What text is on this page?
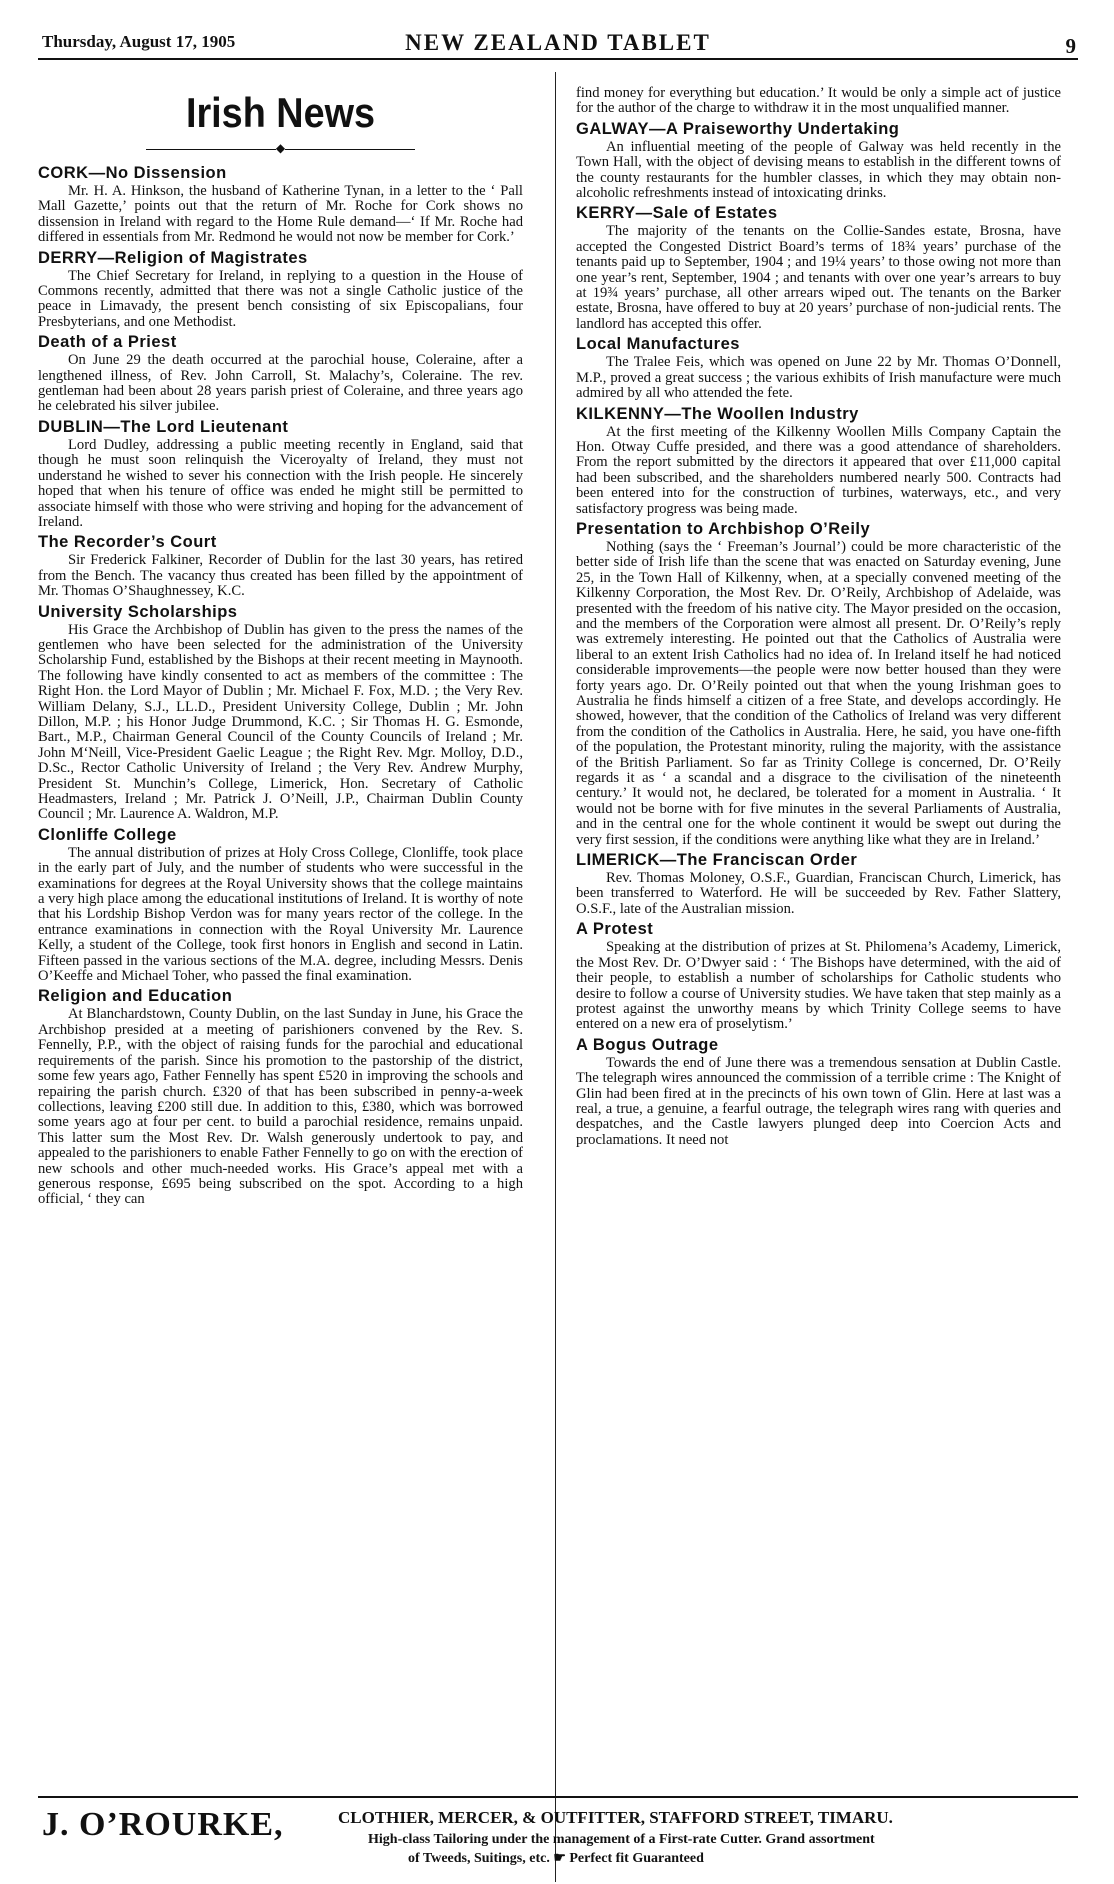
Thursday, August 17, 1905	NEW ZEALAND TABLET	9
Irish News
◆
CORK—No Dissension

Mr. H. A. Hinkson, the husband of Katherine Tynan, in a letter to the ‘ Pall Mall Gazette,’ points out that the return of Mr. Roche for Cork shows no dissension in Ireland with regard to the Home Rule demand—‘ If Mr. Roche had differed in essentials from Mr. Redmond he would not now be member for Cork.’

DERRY—Religion of Magistrates

The Chief Secretary for Ireland, in replying to a question in the House of Commons recently, admitted that there was not a single Catholic justice of the peace in Limavady, the present bench consisting of six Episcopalians, four Presbyterians, and one Methodist.

Death of a Priest

On June 29 the death occurred at the parochial house, Coleraine, after a lengthened illness, of Rev. John Carroll, St. Malachy’s, Coleraine. The rev. gentleman had been about 28 years parish priest of Coleraine, and three years ago he celebrated his silver jubilee.

DUBLIN—The Lord Lieutenant

Lord Dudley, addressing a public meeting recently in England, said that though he must soon relinquish the Viceroyalty of Ireland, they must not understand he wished to sever his connection with the Irish people. He sincerely hoped that when his tenure of office was ended he might still be permitted to associate himself with those who were striving and hoping for the advancement of Ireland.

The Recorder’s Court

Sir Frederick Falkiner, Recorder of Dublin for the last 30 years, has retired from the Bench. The vacancy thus created has been filled by the appointment of Mr. Thomas O’Shaughnessey, K.C.

University Scholarships

His Grace the Archbishop of Dublin has given to the press the names of the gentlemen who have been selected for the administration of the University Scholarship Fund, established by the Bishops at their recent meeting in Maynooth. The following have kindly consented to act as members of the committee : The Right Hon. the Lord Mayor of Dublin ; Mr. Michael F. Fox, M.D. ; the Very Rev. William Delany, S.J., LL.D., President University College, Dublin ; Mr. John Dillon, M.P. ; his Honor Judge Drummond, K.C. ; Sir Thomas H. G. Esmonde, Bart., M.P., Chairman General Council of the County Councils of Ireland ; Mr. John M‘Neill, Vice-President Gaelic League ; the Right Rev. Mgr. Molloy, D.D., D.Sc., Rector Catholic University of Ireland ; the Very Rev. Andrew Murphy, President St. Munchin’s College, Limerick, Hon. Secretary of Catholic Headmasters, Ireland ; Mr. Patrick J. O’Neill, J.P., Chairman Dublin County Council ; Mr. Laurence A. Waldron, M.P.

Clonliffe College

The annual distribution of prizes at Holy Cross College, Clonliffe, took place in the early part of July, and the number of students who were successful in the examinations for degrees at the Royal University shows that the college maintains a very high place among the educational institutions of Ireland. It is worthy of note that his Lordship Bishop Verdon was for many years rector of the college. In the entrance examinations in connection with the Royal University Mr. Laurence Kelly, a student of the College, took first honors in English and second in Latin. Fifteen passed in the various sections of the M.A. degree, including Messrs. Denis O’Keeffe and Michael Toher, who passed the final examination.

Religion and Education

At Blanchardstown, County Dublin, on the last Sunday in June, his Grace the Archbishop presided at a meeting of parishioners convened by the Rev. S. Fennelly, P.P., with the object of raising funds for the parochial and educational requirements of the parish. Since his promotion to the pastorship of the district, some few years ago, Father Fennelly has spent £520 in improving the schools and repairing the parish church. £320 of that has been subscribed in penny-a-week collections, leaving £200 still due. In addition to this, £380, which was borrowed some years ago at four per cent. to build a parochial residence, remains unpaid. This latter sum the Most Rev. Dr. Walsh generously undertook to pay, and appealed to the parishioners to enable Father Fennelly to go on with the erection of new schools and other much-needed works. His Grace’s appeal met with a generous response, £695 being subscribed on the spot. According to a high official, ‘ they can

find money for everything but education.’ It would be only a simple act of justice for the author of the charge to withdraw it in the most unqualified manner.

GALWAY—A Praiseworthy Undertaking

An influential meeting of the people of Galway was held recently in the Town Hall, with the object of devising means to establish in the different towns of the county restaurants for the humbler classes, in which they may obtain non-alcoholic refreshments instead of intoxicating drinks.

KERRY—Sale of Estates

The majority of the tenants on the Collie-Sandes estate, Brosna, have accepted the Congested District Board’s terms of 18¾ years’ purchase of the tenants paid up to September, 1904 ; and 19¼ years’ to those owing not more than one year’s rent, September, 1904 ; and tenants with over one year’s arrears to buy at 19¾ years’ purchase, all other arrears wiped out. The tenants on the Barker estate, Brosna, have offered to buy at 20 years’ purchase of non-judicial rents. The landlord has accepted this offer.

Local Manufactures

The Tralee Feis, which was opened on June 22 by Mr. Thomas O’Donnell, M.P., proved a great success ; the various exhibits of Irish manufacture were much admired by all who attended the fete.

KILKENNY—The Woollen Industry

At the first meeting of the Kilkenny Woollen Mills Company Captain the Hon. Otway Cuffe presided, and there was a good attendance of shareholders. From the report submitted by the directors it appeared that over £11,000 capital had been subscribed, and the shareholders numbered nearly 500. Contracts had been entered into for the construction of turbines, waterways, etc., and very satisfactory progress was being made.

Presentation to Archbishop O’Reily

Nothing (says the ‘ Freeman’s Journal’) could be more characteristic of the better side of Irish life than the scene that was enacted on Saturday evening, June 25, in the Town Hall of Kilkenny, when, at a specially convened meeting of the Kilkenny Corporation, the Most Rev. Dr. O’Reily, Archbishop of Adelaide, was presented with the freedom of his native city. The Mayor presided on the occasion, and the members of the Corporation were almost all present. Dr. O’Reily’s reply was extremely interesting. He pointed out that the Catholics of Australia were liberal to an extent Irish Catholics had no idea of. In Ireland itself he had noticed considerable improvements—the people were now better housed than they were forty years ago. Dr. O’Reily pointed out that when the young Irishman goes to Australia he finds himself a citizen of a free State, and develops accordingly. He showed, however, that the condition of the Catholics of Ireland was very different from the condition of the Catholics in Australia. Here, he said, you have one-fifth of the population, the Protestant minority, ruling the majority, with the assistance of the British Parliament. So far as Trinity College is concerned, Dr. O’Reily regards it as ‘ a scandal and a disgrace to the civilisation of the nineteenth century.’ It would not, he declared, be tolerated for a moment in Australia. ‘ It would not be borne with for five minutes in the several Parliaments of Australia, and in the central one for the whole continent it would be swept out during the very first session, if the conditions were anything like what they are in Ireland.’

LIMERICK—The Franciscan Order

Rev. Thomas Moloney, O.S.F., Guardian, Franciscan Church, Limerick, has been transferred to Waterford. He will be succeeded by Rev. Father Slattery, O.S.F., late of the Australian mission.

A Protest

Speaking at the distribution of prizes at St. Philomena’s Academy, Limerick, the Most Rev. Dr. O’Dwyer said : ‘ The Bishops have determined, with the aid of their people, to establish a number of scholarships for Catholic students who desire to follow a course of University studies. We have taken that step mainly as a protest against the unworthy means by which Trinity College seems to have entered on a new era of proselytism.’

A Bogus Outrage

Towards the end of June there was a tremendous sensation at Dublin Castle. The telegraph wires announced the commission of a terrible crime : The Knight of Glin had been fired at in the precincts of his own town of Glin. Here at last was a real, a true, a genuine, a fearful outrage, the telegraph wires rang with queries and despatches, and the Castle lawyers plunged deep into Coercion Acts and proclamations. It need not

J. O’ROURKE,	CLOTHIER, MERCER, & OUTFITTER, STAFFORD STREET, TIMARU.
High-class Tailoring under the management of a First-rate Cutter. Grand assortment
of Tweeds, Suitings, etc. ☛ Perfect fit Guaranteed
